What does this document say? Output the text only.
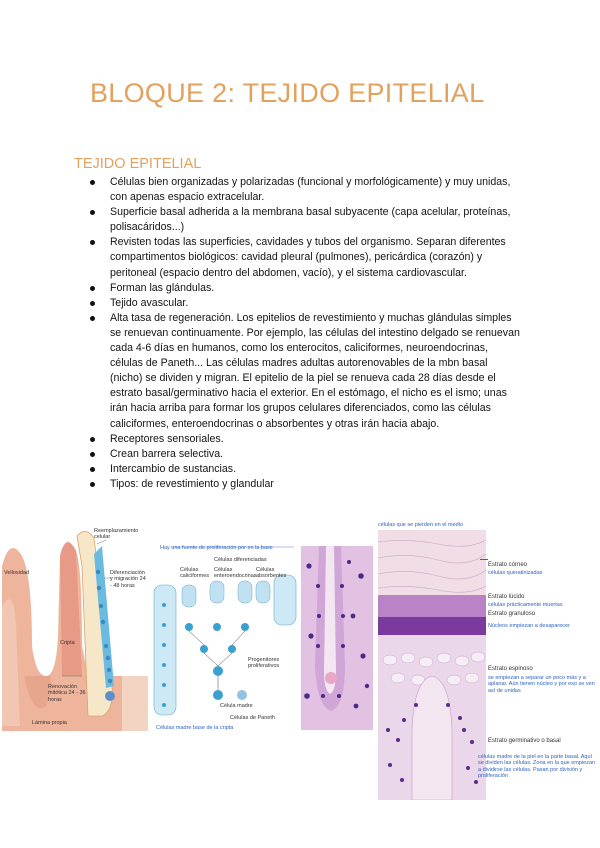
BLOQUE 2: TEJIDO EPITELIAL
TEJIDO EPITELIAL
Células bien organizadas y polarizadas (funcional y morfológicamente) y muy unidas, con apenas espacio extracelular.
Superficie basal adherida a la membrana basal subyacente (capa acelular, proteínas, polisacáridos...)
Revisten todas las superficies, cavidades y tubos del organismo. Separan diferentes compartimentos biológicos: cavidad pleural (pulmones), pericárdica (corazón) y peritoneal (espacio dentro del abdomen, vacío), y el sistema cardiovascular.
Forman las glándulas.
Tejido avascular.
Alta tasa de regeneración. Los epitelios de revestimiento y muchas glándulas simples se renuevan continuamente. Por ejemplo, las células del intestino delgado se renuevan cada 4-6 días en humanos, como los enterocitos, caliciformes, neuroendocrinas, células de Paneth... Las células madres adultas autorenovables de la mbn basal (nicho) se dividen y migran. El epitelio de la piel se renueva cada 28 días desde el estrato basal/germinativo hacia el exterior. En el estómago, el nicho es el ismo; unas irán hacia arriba para formar los grupos celulares diferenciados, como las células caliciformes, enteroendocrinas o absorbentes y otras irán hacia abajo.
Receptores sensoriales.
Crean barrera selectiva.
Intercambio de sustancias.
Tipos: de revestimiento y glandular
Reemplazamiento celular
Diferenciación y migración 24 - 48 horas
Vellosidad
Cripta
Renovación mitótica 24 - 36 horas
Lámina propia
Hay una fuente de proliferación por en la base
Células diferenciadas
Células caliciformes
Células enteroendocrinas
Células absorbentes
Progenitores proliferativos
Célula madre
Células de Paneth
Células madre base de la cripta
células que se pierden en el medio
Estrato córneo
células queratinizadas
Estrato lúcido
células prácticamente muertas
Estrato granuloso
Núcleos empiezan a desaparecer
Estrato espinoso
se empiezan a separar un poco más y a aplanar. Aún tienen núcleo y por eso se ven así de unidas
Estrato germinativo o basal
células madre de la piel en la parte basal. Aquí se dividen las células. Zona en la que empiezan a dividirse las células. Pasan por división y proliferación
